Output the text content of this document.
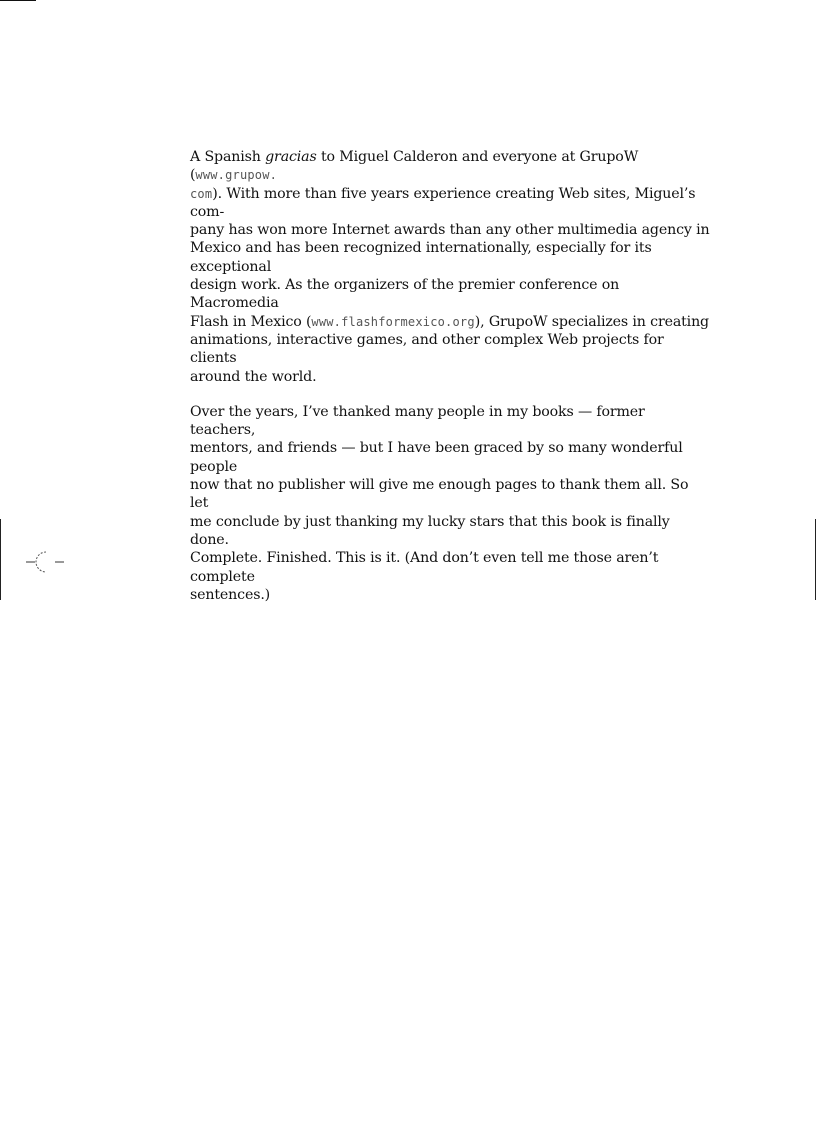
A Spanish gracias to Miguel Calderon and everyone at GrupoW (www.grupow.
com). With more than five years experience creating Web sites, Miguel’s com-
pany has won more Internet awards than any other multimedia agency in
Mexico and has been recognized internationally, especially for its exceptional
design work. As the organizers of the premier conference on Macromedia
Flash in Mexico (www.flashformexico.org), GrupoW specializes in creating
animations, interactive games, and other complex Web projects for clients
around the world.

Over the years, I’ve thanked many people in my books — former teachers,
mentors, and friends — but I have been graced by so many wonderful people
now that no publisher will give me enough pages to thank them all. So let
me conclude by just thanking my lucky stars that this book is finally done.
Complete. Finished. This is it. (And don’t even tell me those aren’t complete
sentences.)
